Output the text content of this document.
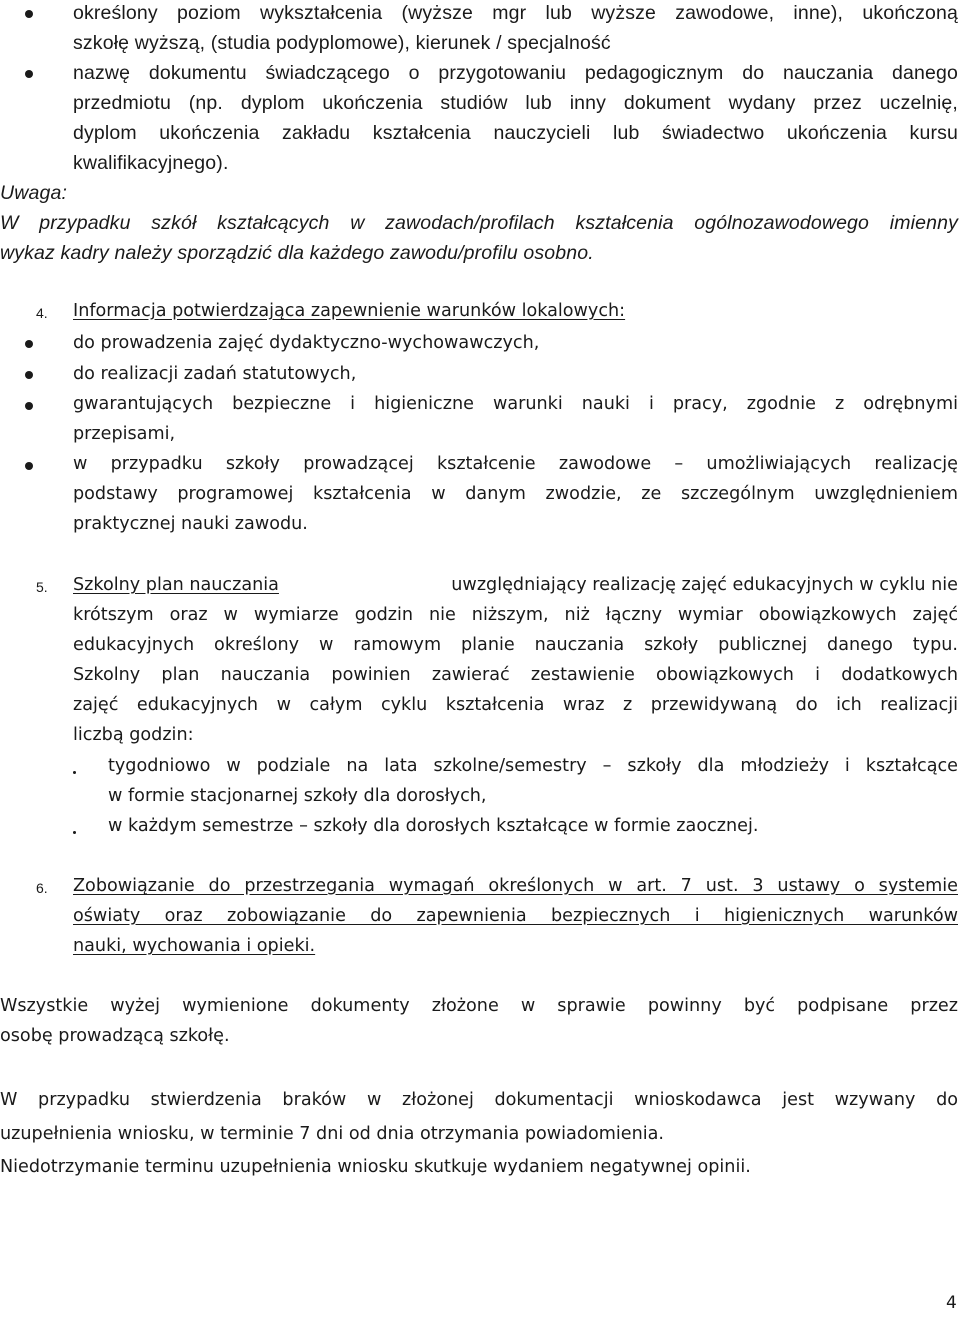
określony poziom wykształcenia (wyższe mgr lub wyższe zawodowe, inne), ukończoną
szkołę wyższą, (studia podyplomowe), kierunek / specjalność
nazwę dokumentu świadczącego o przygotowaniu pedagogicznym do nauczania danego
przedmiotu (np. dyplom ukończenia studiów lub inny dokument wydany przez uczelnię,
dyplom ukończenia zakładu kształcenia nauczycieli lub świadectwo ukończenia kursu
kwalifikacyjnego).
Uwaga:
W przypadku szkół kształcących w zawodach/profilach kształcenia ogólnozawodowego imienny
wykaz kadry należy sporządzić dla każdego zawodu/profilu osobno.
4. Informacja potwierdzająca zapewnienie warunków lokalowych:
do prowadzenia zajęć dydaktyczno-wychowawczych,
do realizacji zadań statutowych,
gwarantujących bezpieczne i higieniczne warunki nauki i pracy, zgodnie z odrębnymi
przepisami,
w przypadku szkoły prowadzącej kształcenie zawodowe – umożliwiających realizację
podstawy programowej kształcenia w danym zwodzie, ze szczególnym uwzględnieniem
praktycznej nauki zawodu.
5. Szkolny plan nauczania	uwzględniający realizację zajęć edukacyjnych w cyklu nie
krótszym oraz w wymiarze godzin nie niższym, niż łączny wymiar obowiązkowych zajęć
edukacyjnych określony w ramowym planie nauczania szkoły publicznej danego typu.
Szkolny plan nauczania powinien zawierać zestawienie obowiązkowych i dodatkowych
zajęć edukacyjnych w całym cyklu kształcenia wraz z przewidywaną do ich realizacji
liczbą godzin:
tygodniowo w podziale na lata szkolne/semestry – szkoły dla młodzieży i kształcące
w formie stacjonarnej szkoły dla dorosłych,
w każdym semestrze – szkoły dla dorosłych kształcące w formie zaocznej.
6. Zobowiązanie do przestrzegania wymagań określonych w art. 7 ust. 3 ustawy o systemie
oświaty oraz zobowiązanie do zapewnienia bezpiecznych i higienicznych warunków
nauki, wychowania i opieki.
Wszystkie wyżej wymienione dokumenty złożone w sprawie powinny być podpisane przez
osobę prowadzącą szkołę.
W przypadku stwierdzenia braków w złożonej dokumentacji wnioskodawca jest wzywany do
uzupełnienia wniosku, w terminie 7 dni od dnia otrzymania powiadomienia.
Niedotrzymanie terminu uzupełnienia wniosku skutkuje wydaniem negatywnej opinii.
4
